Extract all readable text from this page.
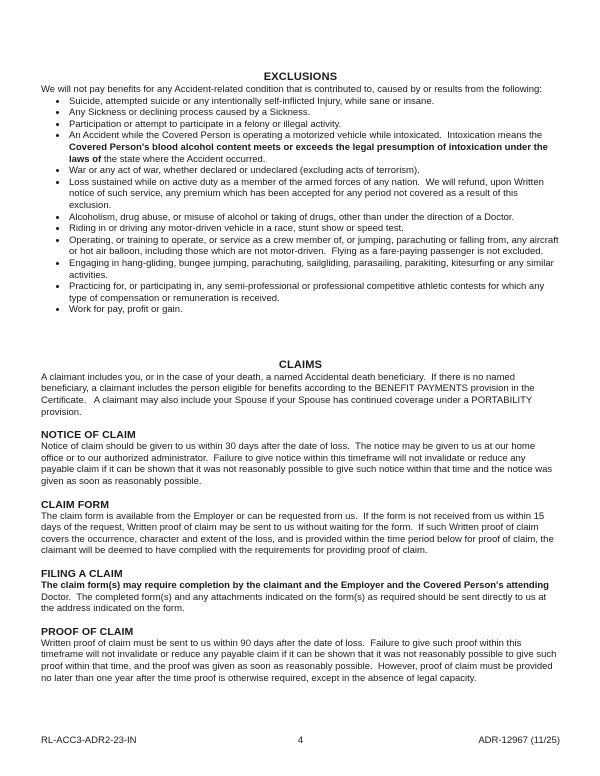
EXCLUSIONS

We will not pay benefits for any Accident-related condition that is contributed to, caused by or results from the following:

• Suicide, attempted suicide or any intentionally self-inflicted Injury, while sane or insane.
• Any Sickness or declining process caused by a Sickness.
• Participation or attempt to participate in a felony or illegal activity.
• An Accident while the Covered Person is operating a motorized vehicle while intoxicated.  Intoxication means the Covered Person's blood alcohol content meets or exceeds the legal presumption of intoxication under the laws of the state where the Accident occurred.
• War or any act of war, whether declared or undeclared (excluding acts of terrorism).
• Loss sustained while on active duty as a member of the armed forces of any nation.  We will refund, upon Written notice of such service, any premium which has been accepted for any period not covered as a result of this exclusion.
• Alcoholism, drug abuse, or misuse of alcohol or taking of drugs, other than under the direction of a Doctor.
• Riding in or driving any motor-driven vehicle in a race, stunt show or speed test.
• Operating, or training to operate, or service as a crew member of, or jumping, parachuting or falling from, any aircraft or hot air balloon, including those which are not motor-driven.  Flying as a fare-paying passenger is not excluded.
• Engaging in hang-gliding, bungee jumping, parachuting, sailgliding, parasailing, parakiting, kitesurfing or any similar activities.
• Practicing for, or participating in, any semi-professional or professional competitive athletic contests for which any type of compensation or remuneration is received.
• Work for pay, profit or gain.
CLAIMS

A claimant includes you, or in the case of your death, a named Accidental death beneficiary.  If there is no named beneficiary, a claimant includes the person eligible for benefits according to the BENEFIT PAYMENTS provision in the Certificate.   A claimant may also include your Spouse if your Spouse has continued coverage under a PORTABILITY provision.

NOTICE OF CLAIM

Notice of claim should be given to us within 30 days after the date of loss.  The notice may be given to us at our home office or to our authorized administrator.  Failure to give notice within this timeframe will not invalidate or reduce any payable claim if it can be shown that it was not reasonably possible to give such notice within that time and the notice was given as soon as reasonably possible.

CLAIM FORM

The claim form is available from the Employer or can be requested from us.  If the form is not received from us within 15 days of the request, Written proof of claim may be sent to us without waiting for the form.  If such Written proof of claim covers the occurrence, character and extent of the loss, and is provided within the time period below for proof of claim, the claimant will be deemed to have complied with the requirements for providing proof of claim.

FILING A CLAIM

The claim form(s) may require completion by the claimant and the Employer and the Covered Person's attending Doctor.  The completed form(s) and any attachments indicated on the form(s) as required should be sent directly to us at the address indicated on the form.

PROOF OF CLAIM

Written proof of claim must be sent to us within 90 days after the date of loss.  Failure to give such proof within this timeframe will not invalidate or reduce any payable claim if it can be shown that it was not reasonably possible to give such proof within that time, and the proof was given as soon as reasonably possible.  However, proof of claim must be provided no later than one year after the time proof is otherwise required, except in the absence of legal capacity.

RL-ACC3-ADR2-23-IN	4	ADR-12967 (11/25)
